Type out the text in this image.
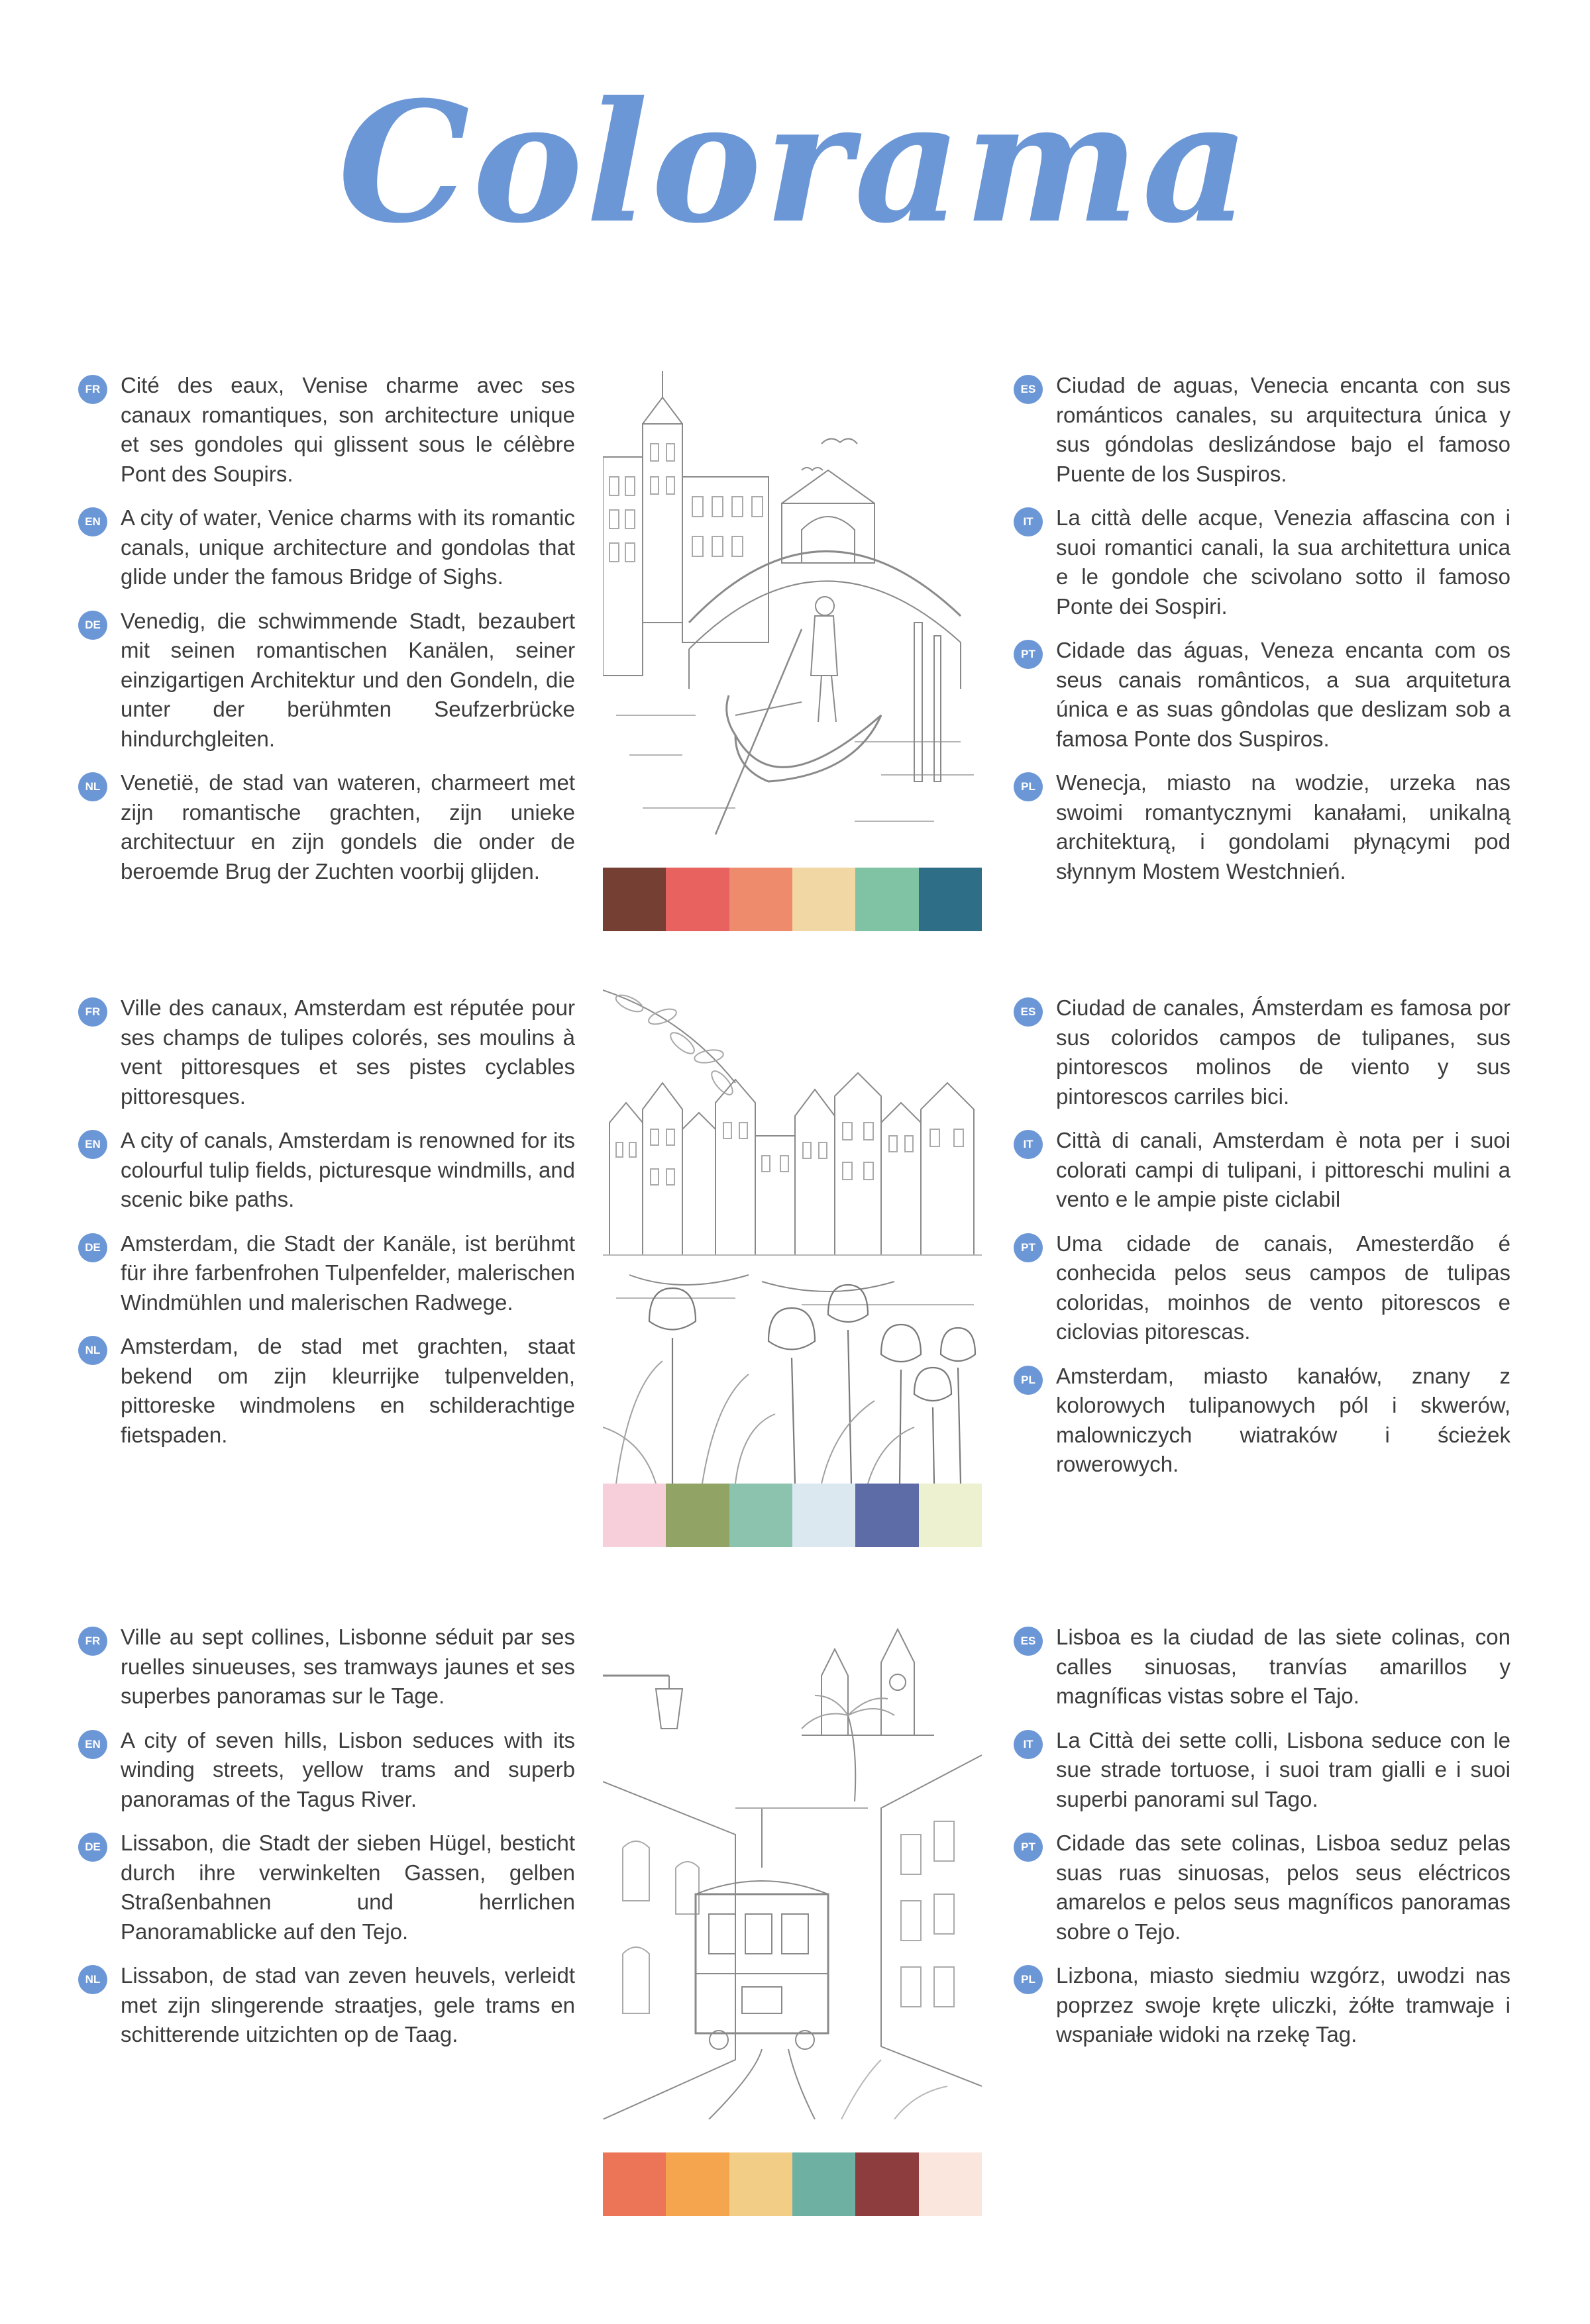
Colorama
FR Cité des eaux, Venise charme avec ses canaux romantiques, son architecture unique et ses gondoles qui glissent sous le célèbre Pont des Soupirs.

EN A city of water, Venice charms with its romantic canals, unique architecture and gondolas that glide under the famous Bridge of Sighs.

DE Venedig, die schwimmende Stadt, bezaubert mit seinen romantischen Kanälen, seiner einzigartigen Architektur und den Gondeln, die unter der berühmten Seufzerbrücke hindurchgleiten.

NL Venetië, de stad van wateren, charmeert met zijn romantische grachten, zijn unieke architectuur en zijn gondels die onder de beroemde Brug der Zuchten voorbij glijden.

ES Ciudad de aguas, Venecia encanta con sus románticos canales, su arquitectura única y sus góndolas deslizándose bajo el famoso Puente de los Suspiros.

IT	La città delle acque, Venezia affascina con i suoi romantici canali, la sua architettura unica e le gondole che scivolano sotto il famoso Ponte dei Sospiri.

PT Cidade das águas, Veneza encanta com os seus canais românticos, a sua arquitetura única e as suas gôndolas que deslizam sob a famosa Ponte dos Suspiros.

PL Wenecja, miasto na wodzie, urzeka nas swoimi romantycznymi kanałami, unikalną architekturą, i gondolami płynącymi pod słynnym Mostem Westchnień.

FR Ville des canaux, Amsterdam est réputée pour ses champs de tulipes colorés, ses moulins à vent pittoresques et ses pistes cyclables pittoresques.

EN A city of canals, Amsterdam is renowned for its colourful tulip fields, picturesque windmills, and scenic bike paths.

DE Amsterdam, die Stadt der Kanäle, ist berühmt für ihre farbenfrohen Tulpenfelder, malerischen Windmühlen und malerischen Radwege.

NL Amsterdam, de stad met grachten, staat bekend om zijn kleurrijke tulpenvelden, pittoreske windmolens en schilderachtige fietspaden.

ES Ciudad de canales, Ámsterdam es famosa por sus coloridos campos de tulipanes, sus pintorescos molinos de viento y sus pintorescos carriles bici.

IT	Città di canali, Amsterdam è nota per i suoi colorati campi di tulipani, i pittoreschi mulini a vento e le ampie piste ciclabil

PT Uma cidade de canais, Amesterdão é conhecida pelos seus campos de tulipas coloridas, moinhos de vento pitorescos e ciclovias pitorescas.

PL Amsterdam, miasto kanałów, znany z kolorowych tulipanowych pól i skwerów, malowniczych wiatraków i ścieżek rowerowych.

FR Ville au sept collines, Lisbonne séduit par ses ruelles sinueuses, ses tramways jaunes et ses superbes panoramas sur le Tage.

EN A city of seven hills, Lisbon seduces with its winding streets, yellow trams and superb panoramas of the Tagus River.

DE Lissabon, die Stadt der sieben Hügel, besticht durch ihre verwinkelten Gassen, gelben Straßenbahnen und herrlichen Panoramablicke auf den Tejo.

NL Lissabon, de stad van zeven heuvels, verleidt met zijn slingerende straatjes, gele trams en schitterende uitzichten op de Taag.

ES Lisboa es la ciudad de las siete colinas, con calles sinuosas, tranvías amarillos y magníficas vistas sobre el Tajo.

IT	La Città dei sette colli, Lisbona seduce con le sue strade tortuose, i suoi tram gialli e i suoi superbi panorami sul Tago.

PT Cidade das sete colinas, Lisboa seduz pelas suas ruas sinuosas, pelos seus eléctricos amarelos e pelos seus magníficos panoramas sobre o Tejo.

PL Lizbona, miasto siedmiu wzgórz, uwodzi nas poprzez swoje kręte uliczki, żółte tramwaje i wspaniałe widoki na rzekę Tag.
